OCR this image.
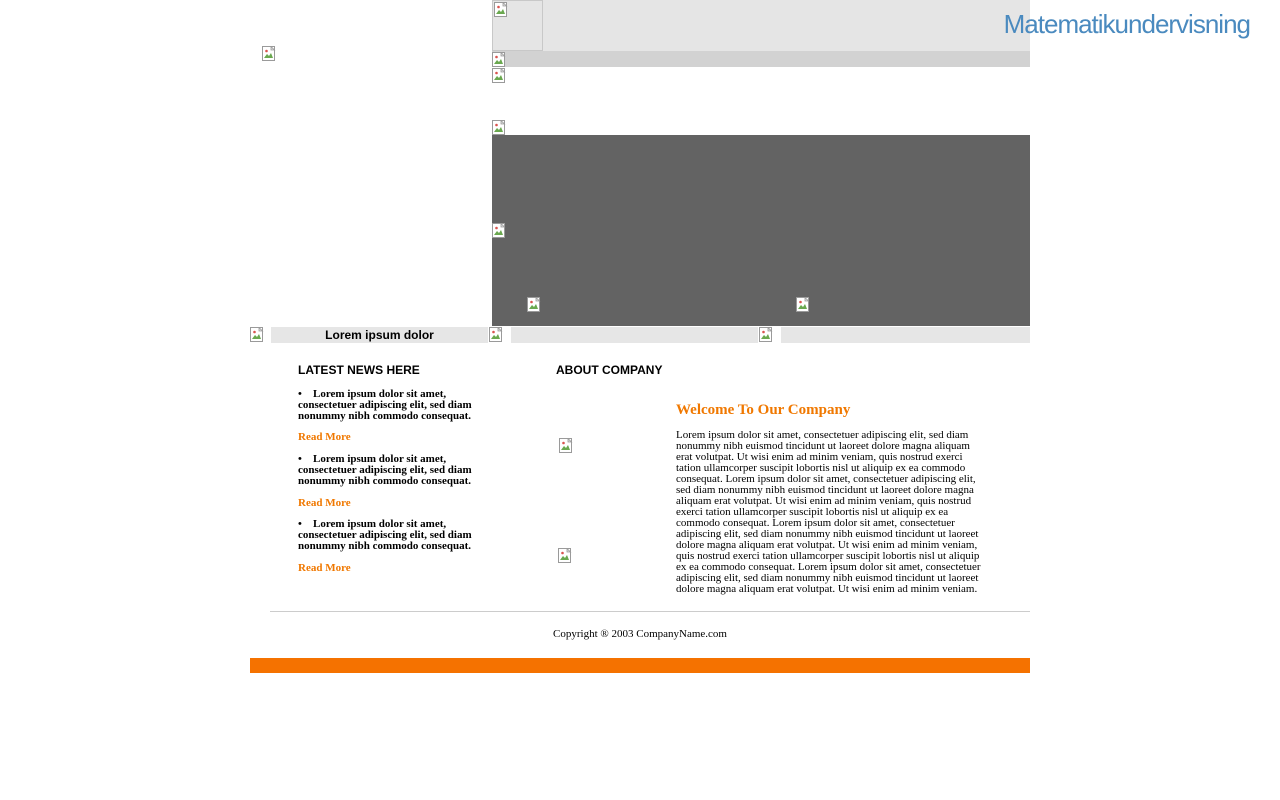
Matematikundervisning
Lorem ipsum dolor
LATEST NEWS HERE
• Lorem ipsum dolor sit amet, consectetuer adipiscing elit, sed diam nonummy nibh commodo consequat.
Read More
• Lorem ipsum dolor sit amet, consectetuer adipiscing elit, sed diam nonummy nibh commodo consequat.
Read More
• Lorem ipsum dolor sit amet, consectetuer adipiscing elit, sed diam nonummy nibh commodo consequat.
Read More
ABOUT COMPANY
Welcome To Our Company
Lorem ipsum dolor sit amet, consectetuer adipiscing elit, sed diam nonummy nibh euismod tincidunt ut laoreet dolore magna aliquam erat volutpat. Ut wisi enim ad minim veniam, quis nostrud exerci tation ullamcorper suscipit lobortis nisl ut aliquip ex ea commodo consequat. Lorem ipsum dolor sit amet, consectetuer adipiscing elit, sed diam nonummy nibh euismod tincidunt ut laoreet dolore magna aliquam erat volutpat. Ut wisi enim ad minim veniam, quis nostrud exerci tation ullamcorper suscipit lobortis nisl ut aliquip ex ea commodo consequat. Lorem ipsum dolor sit amet, consectetuer adipiscing elit, sed diam nonummy nibh euismod tincidunt ut laoreet dolore magna aliquam erat volutpat. Ut wisi enim ad minim veniam, quis nostrud exerci tation ullamcorper suscipit lobortis nisl ut aliquip ex ea commodo consequat. Lorem ipsum dolor sit amet, consectetuer adipiscing elit, sed diam nonummy nibh euismod tincidunt ut laoreet dolore magna aliquam erat volutpat. Ut wisi enim ad minim veniam.
Copyright ® 2003 CompanyName.com
